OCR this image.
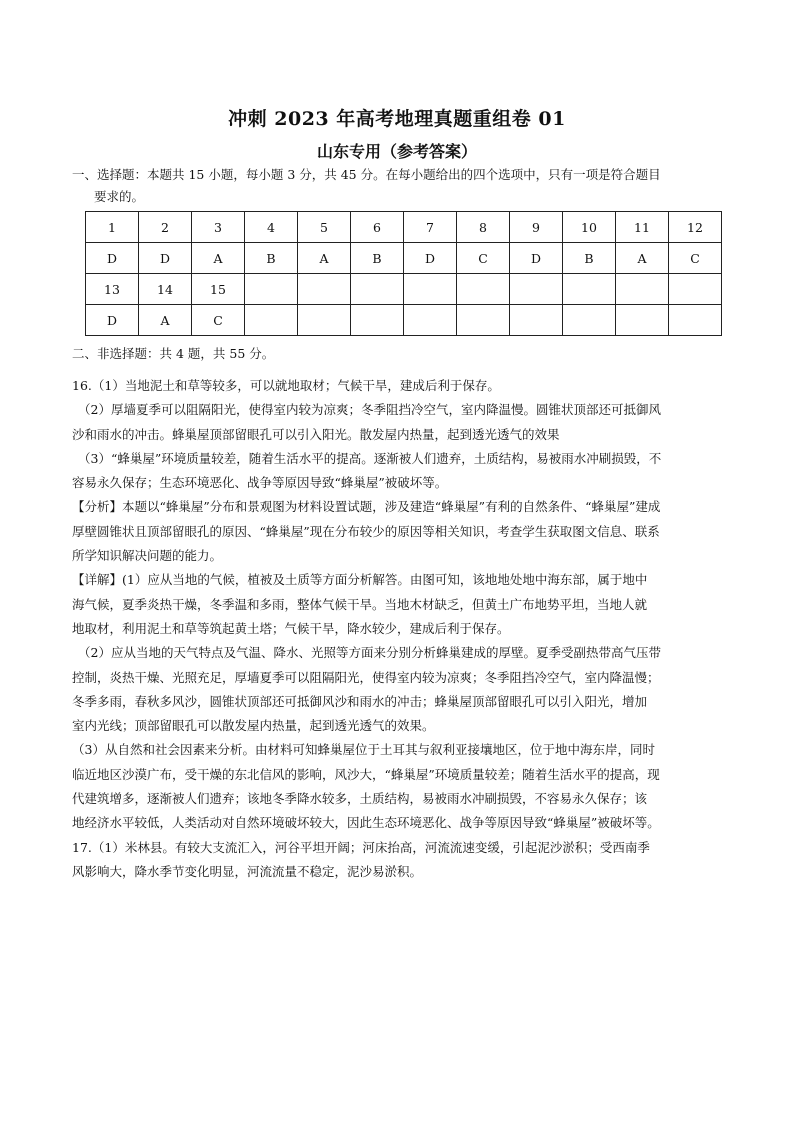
冲刺 2023 年高考地理真题重组卷 01
山东专用（参考答案）
一、选择题：本题共 15 小题，每小题 3 分，共 45 分。在每小题给出的四个选项中，只有一项是符合题目
要求的。
1	2	3	4	5	6	7	8	9	10	11	12
D	D	A	B	A	B	D	C	D	B	A	C
13	14	15									
D	A	C									
二、非选择题：共 4 题，共 55 分。

16.（1）当地泥土和草等较多，可以就地取材；气候干旱，建成后利于保存。

（2）厚墙夏季可以阻隔阳光，使得室内较为凉爽；冬季阻挡冷空气，室内降温慢。圆锥状顶部还可抵御风

沙和雨水的冲击。蜂巢屋顶部留眼孔可以引入阳光。散发屋内热量，起到透光透气的效果

（3）“蜂巢屋”环境质量较差，随着生活水平的提高。逐渐被人们遗弃，土质结构，易被雨水冲刷损毁，不

容易永久保存；生态环境恶化、战争等原因导致“蜂巢屋”被破坏等。

【分析】本题以“蜂巢屋”分布和景观图为材料设置试题，涉及建造“蜂巢屋”有利的自然条件、“蜂巢屋”建成

厚壁圆锥状且顶部留眼孔的原因、“蜂巢屋”现在分布较少的原因等相关知识，考查学生获取图文信息、联系

所学知识解决问题的能力。

【详解】(1）应从当地的气候，植被及土质等方面分析解答。由图可知，该地地处地中海东部，属于地中

海气候，夏季炎热干燥，冬季温和多雨，整体气候干旱。当地木材缺乏，但黄土广布地势平坦，当地人就

地取材，利用泥土和草等筑起黄土塔；气候干旱，降水较少，建成后利于保存。

（2）应从当地的天气特点及气温、降水、光照等方面来分别分析蜂巢建成的厚壁。夏季受副热带高气压带

控制，炎热干燥、光照充足，厚墙夏季可以阻隔阳光，使得室内较为凉爽；冬季阻挡冷空气，室内降温慢；

冬季多雨，春秋多风沙，圆锥状顶部还可抵御风沙和雨水的冲击；蜂巢屋顶部留眼孔可以引入阳光，增加

室内光线；顶部留眼孔可以散发屋内热量，起到透光透气的效果。

（3）从自然和社会因素来分析。由材料可知蜂巢屋位于土耳其与叙利亚接壤地区，位于地中海东岸，同时

临近地区沙漠广布，受干燥的东北信风的影响，风沙大，“蜂巢屋”环境质量较差；随着生活水平的提高，现

代建筑增多，逐渐被人们遗弃；该地冬季降水较多，土质结构，易被雨水冲刷损毁，不容易永久保存；该

地经济水平较低，人类活动对自然环境破坏较大，因此生态环境恶化、战争等原因导致“蜂巢屋”被破坏等。

17.（1）米林县。有较大支流汇入，河谷平坦开阔；河床抬高，河流流速变缓，引起泥沙淤积；受西南季

风影响大，降水季节变化明显，河流流量不稳定，泥沙易淤积。
